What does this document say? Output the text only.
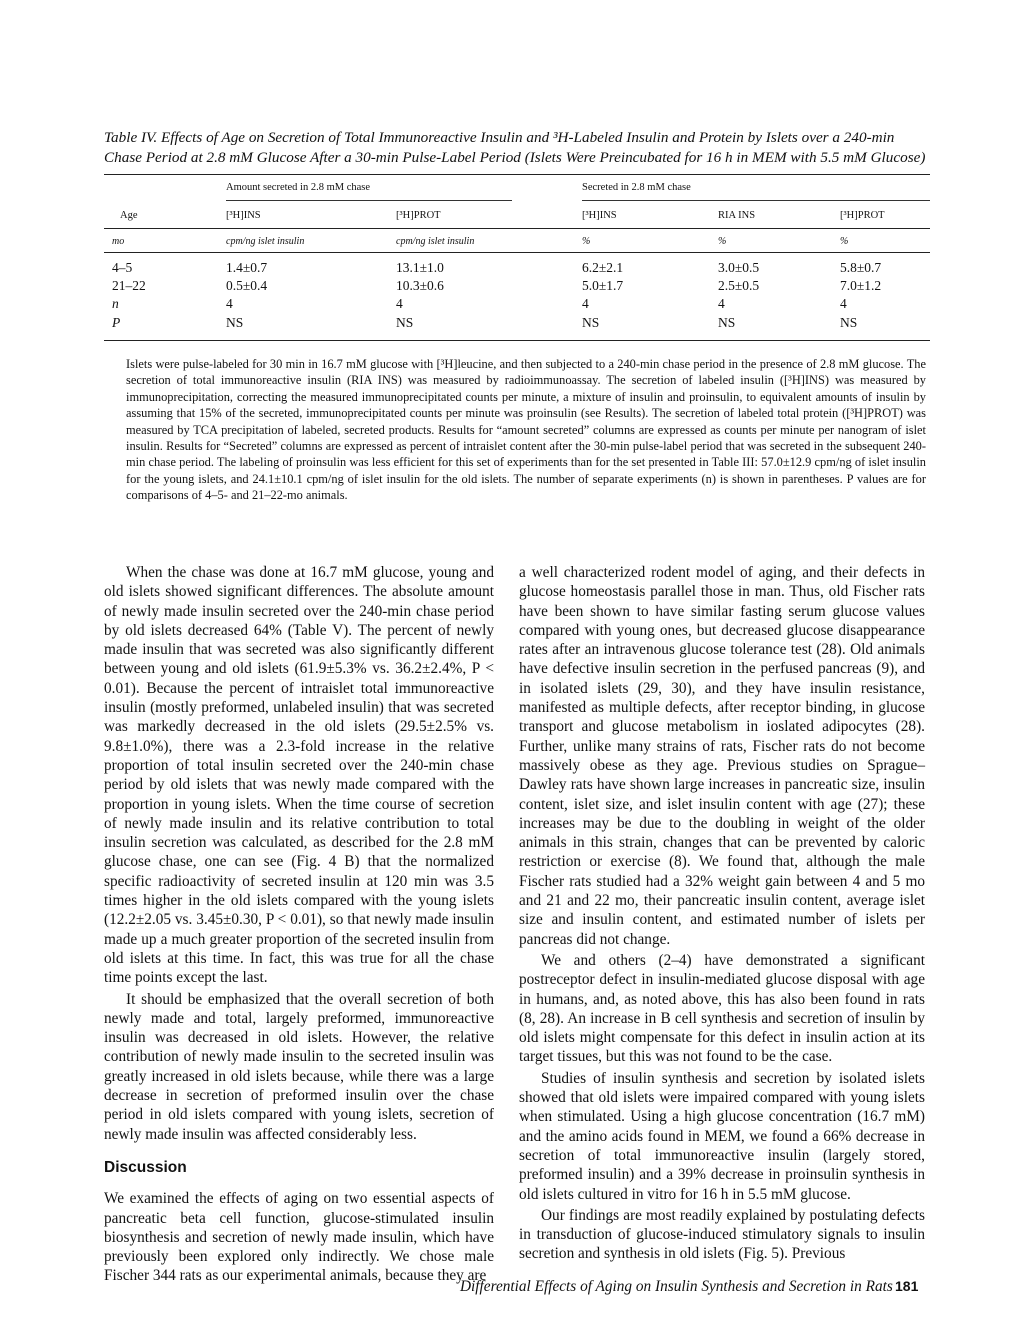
Table IV. Effects of Age on Secretion of Total Immunoreactive Insulin and ³H-Labeled Insulin and Protein by Islets over a 240-min Chase Period at 2.8 mM Glucose After a 30-min Pulse-Label Period (Islets Were Preincubated for 16 h in MEM with 5.5 mM Glucose)
Amount secreted in 2.8 mM chase	Secreted in 2.8 mM chase
Age	[³H]INS	[³H]PROT	[³H]INS	RIA INS	[³H]PROT
mo	cpm/ng islet insulin	cpm/ng islet insulin	%	%	%
4–5	1.4±0.7	13.1±1.0	6.2±2.1	3.0±0.5	5.8±0.7
21–22	0.5±0.4	10.3±0.6	5.0±1.7	2.5±0.5	7.0±1.2
n	4	4	4	4	4
P	NS	NS	NS	NS	NS
Islets were pulse-labeled for 30 min in 16.7 mM glucose with [³H]leucine, and then subjected to a 240-min chase period in the presence of 2.8 mM glucose. The secretion of total immunoreactive insulin (RIA INS) was measured by radioimmunoassay. The secretion of labeled insulin ([³H]INS) was measured by immunoprecipitation, correcting the measured immunoprecipitated counts per minute, a mixture of insulin and proinsulin, to equivalent amounts of insulin by assuming that 15% of the secreted, immunoprecipitated counts per minute was proinsulin (see Results). The secretion of labeled total protein ([³H]PROT) was measured by TCA precipitation of labeled, secreted products. Results for “amount secreted” columns are expressed as counts per minute per nanogram of islet insulin. Results for “Secreted” columns are expressed as percent of intraislet content after the 30-min pulse-label period that was secreted in the subsequent 240-min chase period. The labeling of proinsulin was less efficient for this set of experiments than for the set presented in Table III: 57.0±12.9 cpm/ng of islet insulin for the young islets, and 24.1±10.1 cpm/ng of islet insulin for the old islets. The number of separate experiments (n) is shown in parentheses. P values are for comparisons of 4–5- and 21–22-mo animals.

When the chase was done at 16.7 mM glucose, young and old islets showed significant differences. The absolute amount of newly made insulin secreted over the 240-min chase period by old islets decreased 64% (Table V). The percent of newly made insulin that was secreted was also significantly different between young and old islets (61.9±5.3% vs. 36.2±2.4%, P < 0.01). Because the percent of intraislet total immunoreactive insulin (mostly preformed, unlabeled insulin) that was secreted was markedly decreased in the old islets (29.5±2.5% vs. 9.8±1.0%), there was a 2.3-fold increase in the relative proportion of total insulin secreted over the 240-min chase period by old islets that was newly made compared with the proportion in young islets. When the time course of secretion of newly made insulin and its relative contribution to total insulin secretion was calculated, as described for the 2.8 mM glucose chase, one can see (Fig. 4 B) that the normalized specific radioactivity of secreted insulin at 120 min was 3.5 times higher in the old islets compared with the young islets (12.2±2.05 vs. 3.45±0.30, P < 0.01), so that newly made insulin made up a much greater proportion of the secreted insulin from old islets at this time. In fact, this was true for all the chase time points except the last.

It should be emphasized that the overall secretion of both newly made and total, largely preformed, immunoreactive insulin was decreased in old islets. However, the relative contribution of newly made insulin to the secreted insulin was greatly increased in old islets because, while there was a large decrease in secretion of preformed insulin over the chase period in old islets compared with young islets, secretion of newly made insulin was affected considerably less.

Discussion

We examined the effects of aging on two essential aspects of pancreatic beta cell function, glucose-stimulated insulin biosynthesis and secretion of newly made insulin, which have previously been explored only indirectly. We chose male Fischer 344 rats as our experimental animals, because they are

a well characterized rodent model of aging, and their defects in glucose homeostasis parallel those in man. Thus, old Fischer rats have been shown to have similar fasting serum glucose values compared with young ones, but decreased glucose disappearance rates after an intravenous glucose tolerance test (28). Old animals have defective insulin secretion in the perfused pancreas (9), and in isolated islets (29, 30), and they have insulin resistance, manifested as multiple defects, after receptor binding, in glucose transport and glucose metabolism in ioslated adipocytes (28). Further, unlike many strains of rats, Fischer rats do not become massively obese as they age. Previous studies on Sprague–Dawley rats have shown large increases in pancreatic size, insulin content, islet size, and islet insulin content with age (27); these increases may be due to the doubling in weight of the older animals in this strain, changes that can be prevented by caloric restriction or exercise (8). We found that, although the male Fischer rats studied had a 32% weight gain between 4 and 5 mo and 21 and 22 mo, their pancreatic insulin content, average islet size and insulin content, and estimated number of islets per pancreas did not change.

We and others (2–4) have demonstrated a significant postreceptor defect in insulin-mediated glucose disposal with age in humans, and, as noted above, this has also been found in rats (8, 28). An increase in B cell synthesis and secretion of insulin by old islets might compensate for this defect in insulin action at its target tissues, but this was not found to be the case.

Studies of insulin synthesis and secretion by isolated islets showed that old islets were impaired compared with young islets when stimulated. Using a high glucose concentration (16.7 mM) and the amino acids found in MEM, we found a 66% decrease in secretion of total immunoreactive insulin (largely stored, preformed insulin) and a 39% decrease in proinsulin synthesis in old islets cultured in vitro for 16 h in 5.5 mM glucose.

Our findings are most readily explained by postulating defects in transduction of glucose-induced stimulatory signals to insulin secretion and synthesis in old islets (Fig. 5). Previous

Differential Effects of Aging on Insulin Synthesis and Secretion in Rats 181
